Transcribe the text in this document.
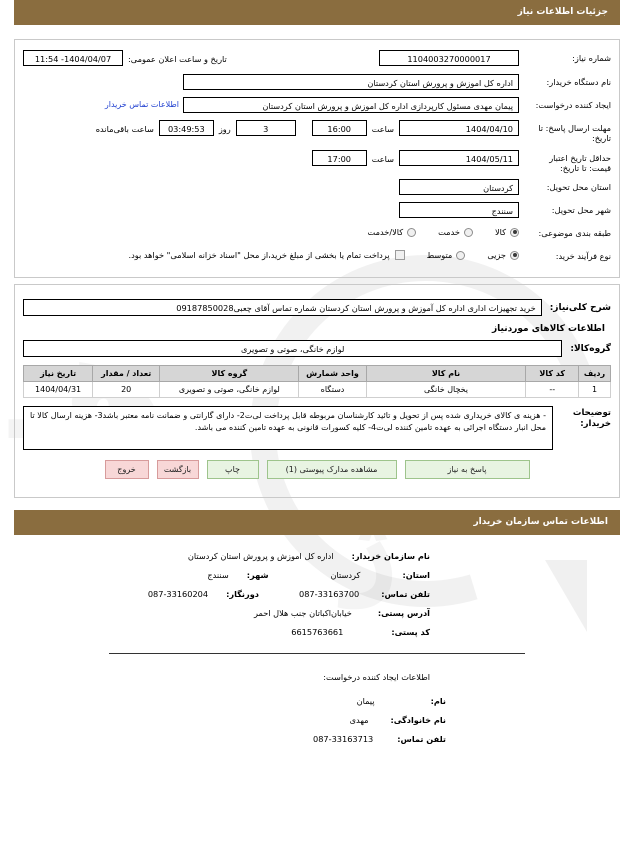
جزئیات اطلاعات نیاز
شماره نیاز:
1104003270000017
تاریخ و ساعت اعلان عمومی:
1404/04/07- 11:54
نام دستگاه خریدار:
اداره کل اموزش و پرورش استان کردستان
ایجاد کننده درخواست:
پیمان مهدی مسئول کارپردازی اداره کل اموزش و پرورش استان کردستان
اطلاعات تماس خریدار
مهلت ارسال پاسخ: تا تاریخ:
1404/04/10
ساعت
16:00
3
روز
03:49:53
ساعت باقی‌مانده
حداقل تاریخ اعتبار قیمت: تا تاریخ:
1404/05/11
ساعت
17:00
استان محل تحویل:
کردستان
شهر محل تحویل:
سنندج
طبقه بندی موضوعی:
کالا
خدمت
کالا/خدمت
نوع فرآیند خرید:
جزیی
متوسط
پرداخت تمام یا بخشی از مبلغ خرید،از محل "اسناد خزانه اسلامی" خواهد بود.
شرح کلی‌نیاز:
خرید تجهیزات اداری اداره کل آموزش و پرورش استان کردستان شماره تماس آقای چعبی09187850028
اطلاعات کالاهای موردنیاز
گروه‌کالا:
لوازم خانگی، صوتی و تصویری
ردیف	کد کالا	نام کالا	واحد شمارش	گروه کالا	تعداد / مقدار	تاریخ نیاز
1	--	یخچال خانگی	دستگاه	لوازم خانگی، صوتی و تصویری	20	1404/04/31
توضیحات خریدار:
- هزینه ی کالای خریداری شده پس از تحویل و تائید کارشناسان مربوطه قابل پرداخت لی‌ت2- دارای گارانتی و ضمانت نامه معتبر باشد3- هزینه ارسال کالا تا محل انبار دستگاه اجرائی به عهده تامین کننده لی‌ت4- کلیه کسورات قانونی به عهده تامین کننده می باشد.
پاسخ به نیاز
مشاهده مدارک پیوستی (1)
چاپ
بازگشت
خروج
اطلاعات تماس سازمان خریدار
نام سازمان خریدار:
اداره کل اموزش و پرورش استان کردستان
استان:
کردستان
شهر:
سنندج
تلفن تماس:
087-33163700
دورنگار:
087-33160204
آدرس پستی:
خیابان‌اکباتان جنب هلال احمر
کد پستی:
6615763661
اطلاعات ایجاد کننده درخواست:
نام:
پیمان
نام خانوادگی:
مهدی
تلفن تماس:
087-33163713
